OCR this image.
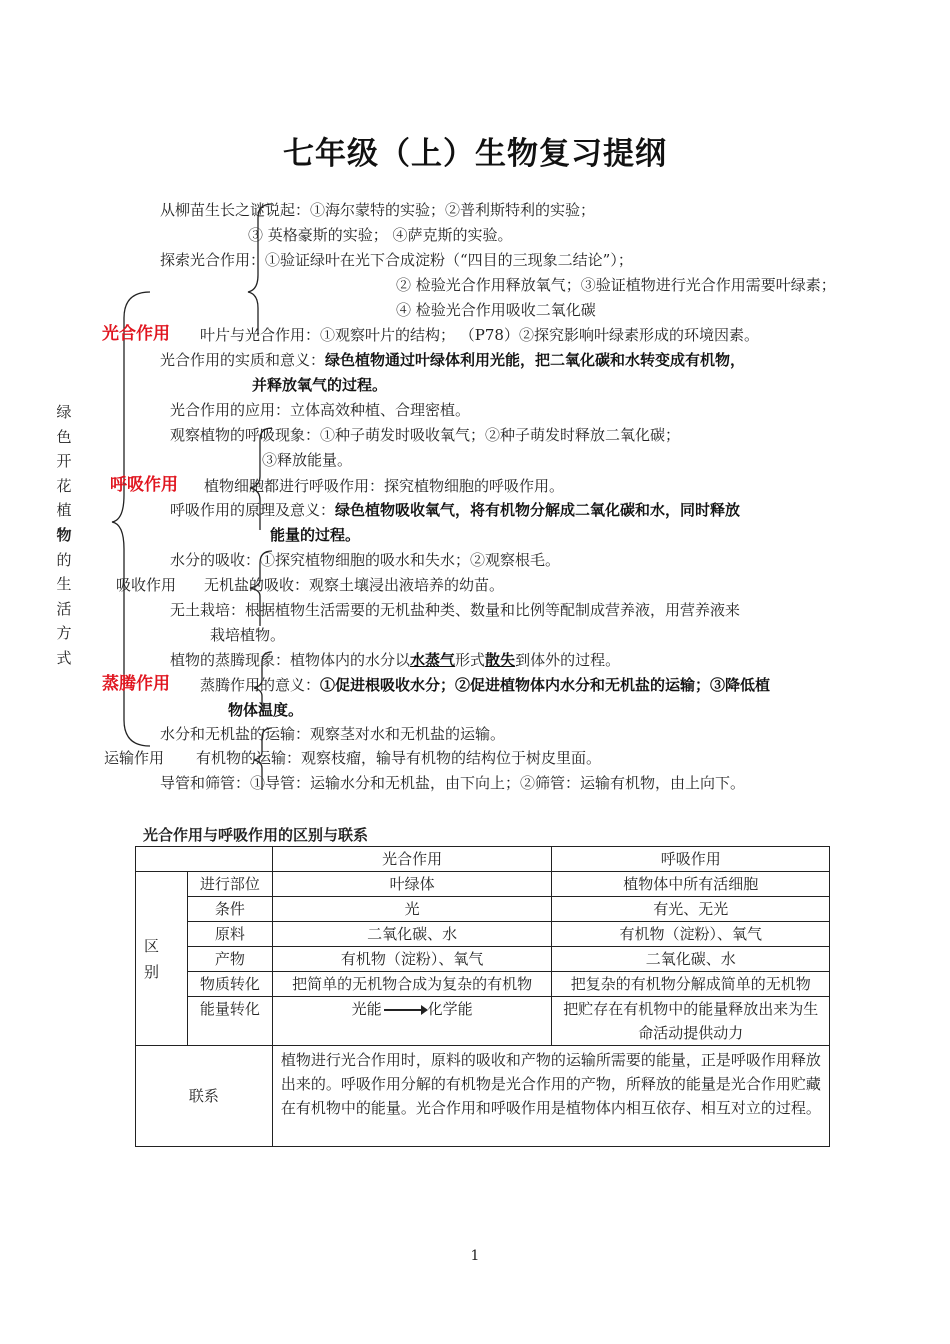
七年级（上）生物复习提纲
绿
色
开
花
植
物
的
生
活
方
式
光合作用
呼吸作用
蒸腾作用
吸收作用
运输作用
从柳苗生长之谜说起：①海尔蒙特的实验；②普利斯特利的实验；
③ 英格豪斯的实验； ④萨克斯的实验。
探索光合作用：①验证绿叶在光下合成淀粉（“四目的三现象二结论”）；
② 检验光合作用释放氧气；③验证植物进行光合作用需要叶绿素；
④ 检验光合作用吸收二氧化碳
叶片与光合作用：①观察叶片的结构； （P78）②探究影响叶绿素形成的环境因素。
光合作用的实质和意义：绿色植物通过叶绿体利用光能，把二氧化碳和水转变成有机物，
并释放氧气的过程。
光合作用的应用：立体高效种植、合理密植。
观察植物的呼吸现象：①种子萌发时吸收氧气；②种子萌发时释放二氧化碳；
③释放能量。
植物细胞都进行呼吸作用：探究植物细胞的呼吸作用。
呼吸作用的原理及意义：绿色植物吸收氧气，将有机物分解成二氧化碳和水，同时释放
能量的过程。
水分的吸收：①探究植物细胞的吸水和失水；②观察根毛。
无机盐的吸收：观察土壤浸出液培养的幼苗。
无土栽培：根据植物生活需要的无机盐种类、数量和比例等配制成营养液，用营养液来
栽培植物。
植物的蒸腾现象：植物体内的水分以水蒸气形式散失到体外的过程。
蒸腾作用的意义：①促进根吸收水分；②促进植物体内水分和无机盐的运输；③降低植
物体温度。
水分和无机盐的运输：观察茎对水和无机盐的运输。
有机物的运输：观察枝瘤，输导有机物的结构位于树皮里面。
导管和筛管：①导管：运输水分和无机盐，由下向上；②筛管：运输有机物，由上向下。
光合作用与呼吸作用的区别与联系
		光合作用	呼吸作用
区别	进行部位	叶绿体	植物体中所有活细胞
	条件	光	有光、无光
	原料	二氧化碳、水	有机物（淀粉）、氧气
	产物	有机物（淀粉）、氧气	二氧化碳、水
	物质转化	把简单的无机物合成为复杂的有机物	把复杂的有机物分解成简单的无机物
	能量转化	光能 化学能	把贮存在有机物中的能量释放出来为生命活动提供动力
联系		植物进行光合作用时，原料的吸收和产物的运输所需要的能量，正是呼吸作用释放出来的。呼吸作用分解的有机物是光合作用的产物，所释放的能量是光合作用贮藏在有机物中的能量。光合作用和呼吸作用是植物体内相互依存、相互对立的过程。	
1
